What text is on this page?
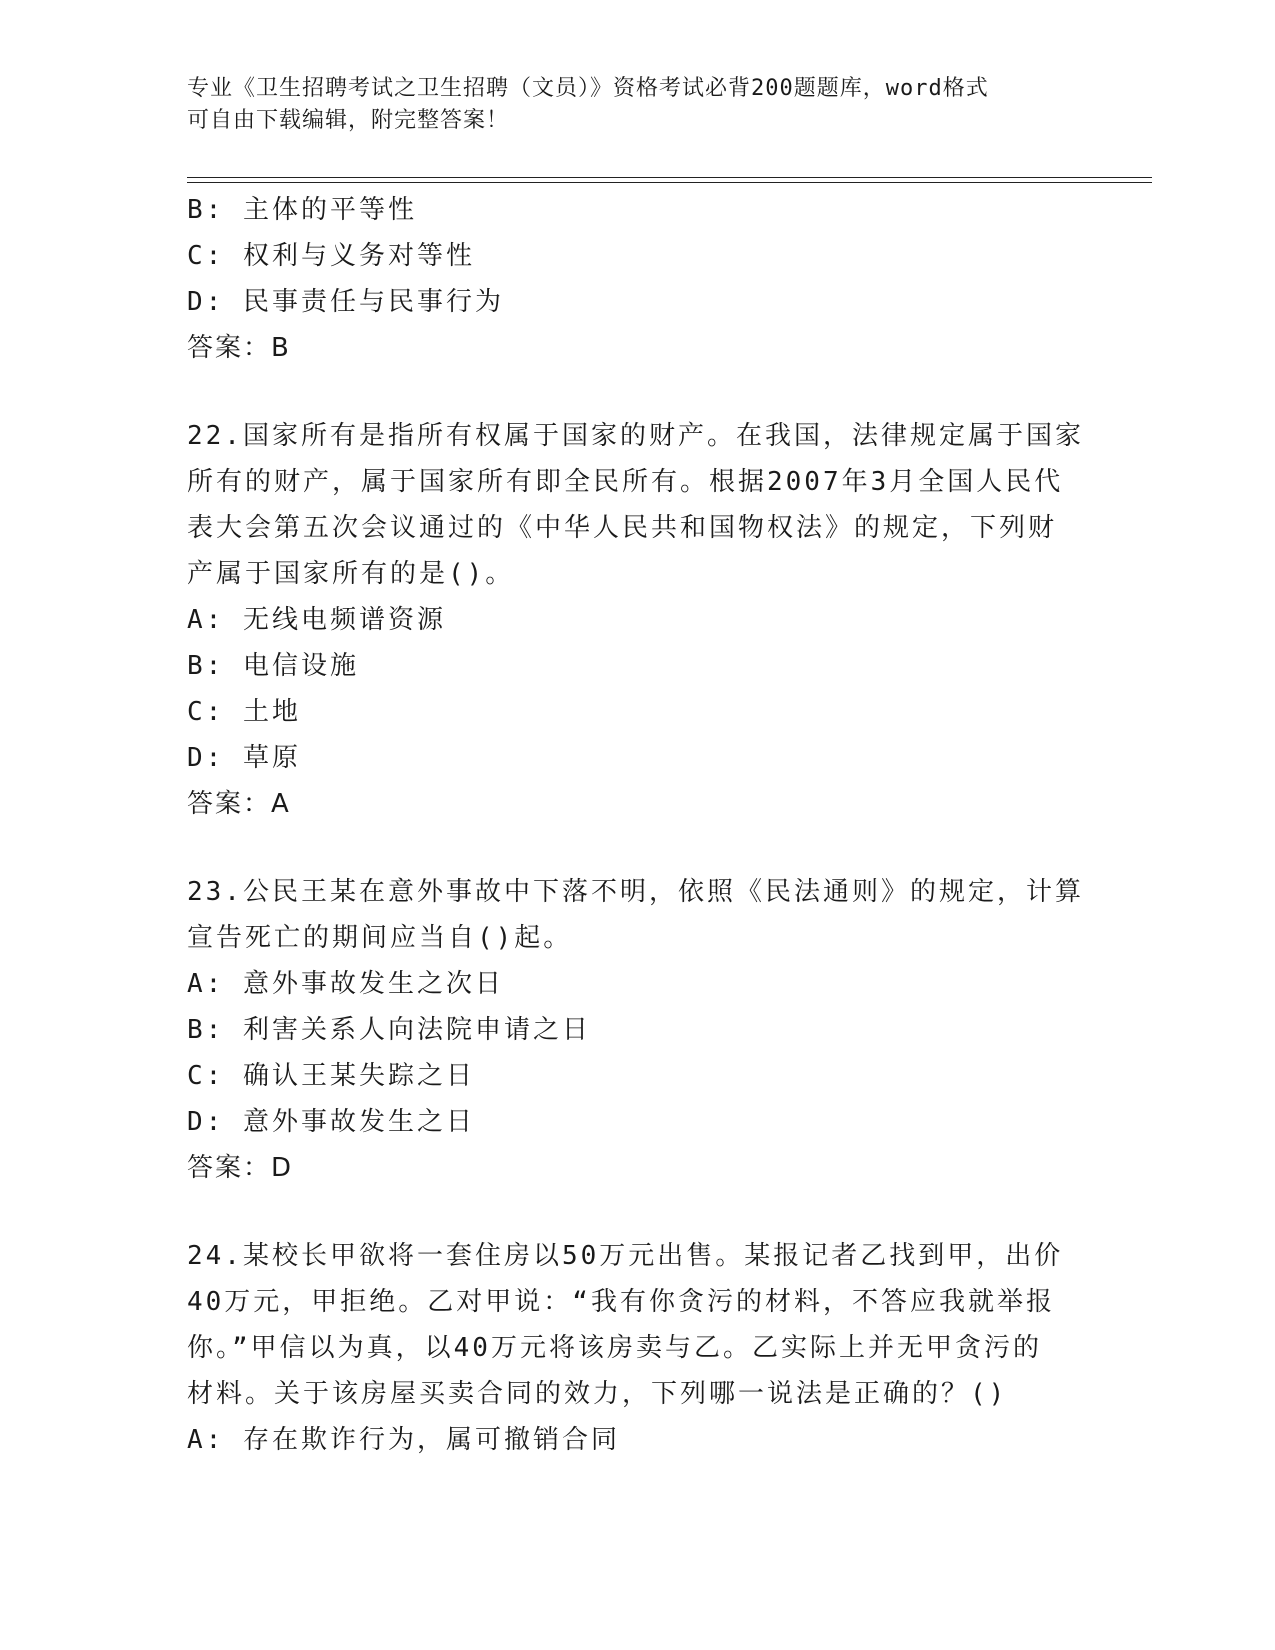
专业《卫生招聘考试之卫生招聘（文员）》资格考试必背200题题库，word格式
可自由下载编辑，附完整答案！
B: 主体的平等性
C: 权利与义务对等性
D: 民事责任与民事行为
答案：B
22.国家所有是指所有权属于国家的财产。在我国，法律规定属于国家
所有的财产，属于国家所有即全民所有。根据2007年3月全国人民代
表大会第五次会议通过的《中华人民共和国物权法》的规定，下列财
产属于国家所有的是()。
A: 无线电频谱资源
B: 电信设施
C: 土地
D: 草原
答案：A
23.公民王某在意外事故中下落不明，依照《民法通则》的规定，计算
宣告死亡的期间应当自()起。
A: 意外事故发生之次日
B: 利害关系人向法院申请之日
C: 确认王某失踪之日
D: 意外事故发生之日
答案：D
24.某校长甲欲将一套住房以50万元出售。某报记者乙找到甲，出价
40万元，甲拒绝。乙对甲说：“我有你贪污的材料，不答应我就举报
你。”甲信以为真，以40万元将该房卖与乙。乙实际上并无甲贪污的
材料。关于该房屋买卖合同的效力，下列哪一说法是正确的？()
A: 存在欺诈行为，属可撤销合同
